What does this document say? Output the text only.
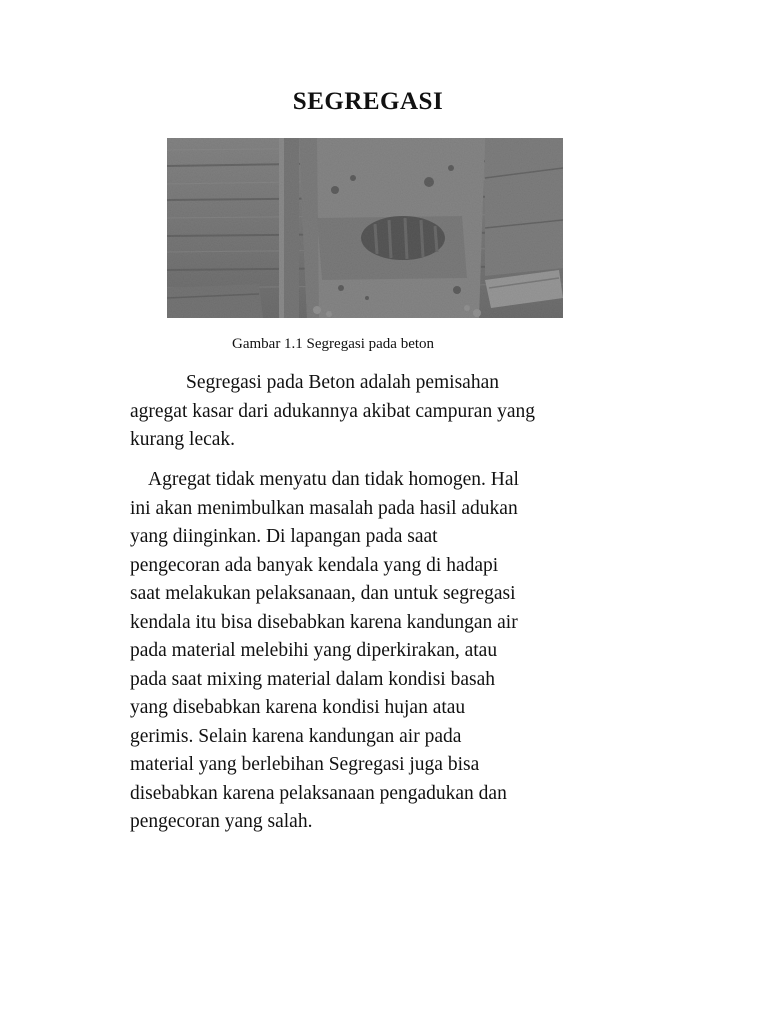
SEGREGASI
Gambar 1.1 Segregasi pada beton
Segregasi pada Beton adalah pemisahan
agregat kasar dari adukannya akibat campuran yang
kurang lecak.
Agregat tidak menyatu dan tidak homogen. Hal
ini akan menimbulkan masalah pada hasil adukan
yang diinginkan. Di lapangan pada saat
pengecoran ada banyak kendala yang di hadapi
saat melakukan pelaksanaan, dan untuk segregasi
kendala itu bisa disebabkan karena kandungan air
pada material melebihi yang diperkirakan, atau
pada saat mixing material dalam kondisi basah
yang disebabkan karena kondisi hujan atau
gerimis. Selain karena kandungan air pada
material yang berlebihan Segregasi juga bisa
disebabkan karena pelaksanaan pengadukan dan
pengecoran yang salah.
